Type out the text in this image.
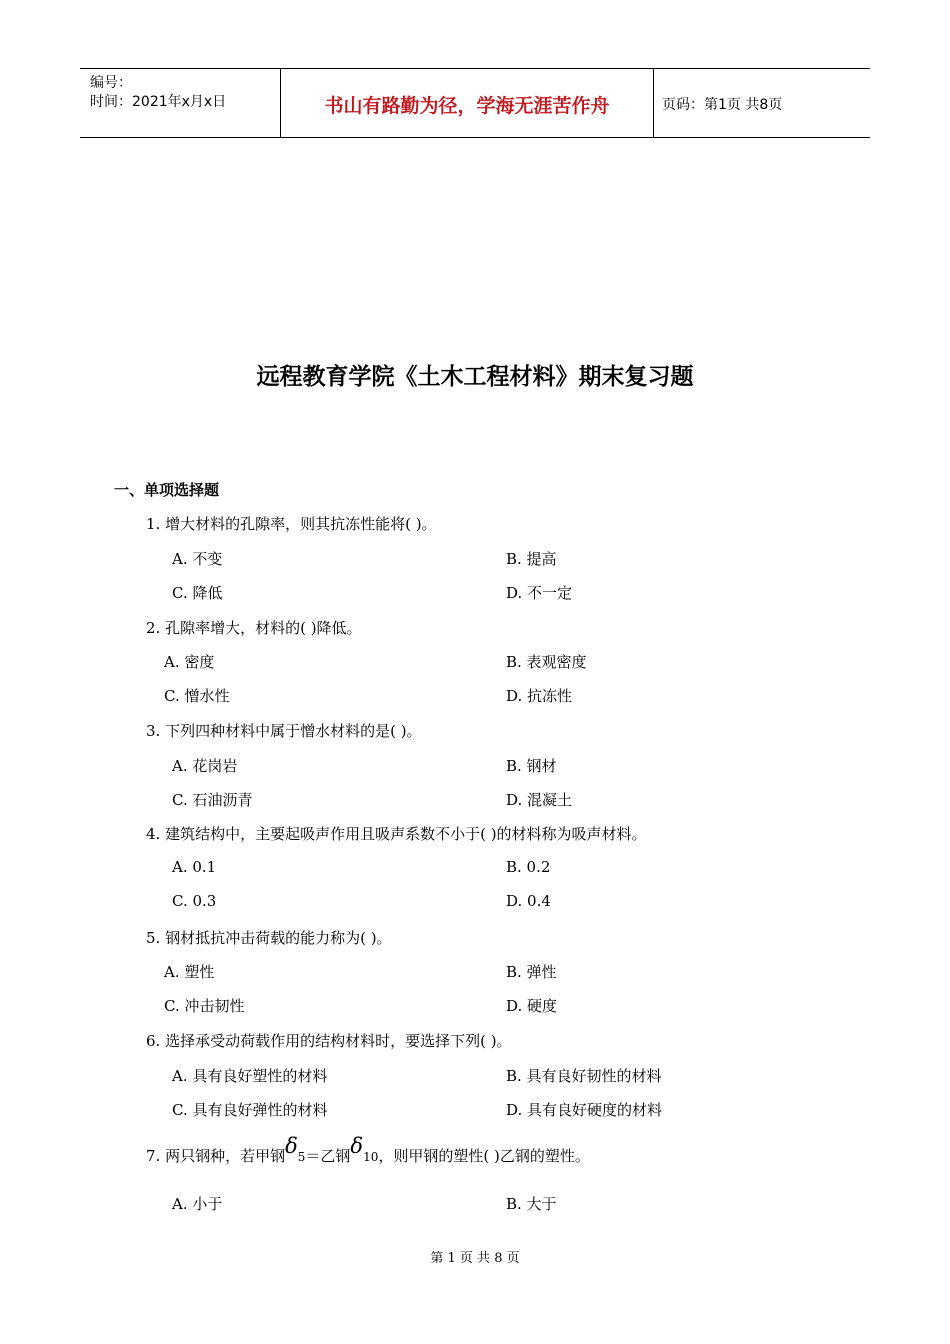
编号：
时间：2021年x月x日	书山有路勤为径，学海无涯苦作舟	页码：第1页 共8页
远程教育学院《土木工程材料》期末复习题
一、单项选择题
1. 增大材料的孔隙率，则其抗冻性能将( )。
A. 不变	B. 提高
C. 降低	D. 不一定
2. 孔隙率增大，材料的( )降低。
A. 密度	B. 表观密度
C. 憎水性	D. 抗冻性
3. 下列四种材料中属于憎水材料的是( )。
A. 花岗岩	B. 钢材
C. 石油沥青	D. 混凝土
4. 建筑结构中，主要起吸声作用且吸声系数不小于( )的材料称为吸声材料。
A. 0.1	B. 0.2
C. 0.3	D. 0.4
5. 钢材抵抗冲击荷载的能力称为( )。
A. 塑性	B. 弹性
C. 冲击韧性	D. 硬度
6. 选择承受动荷载作用的结构材料时，要选择下列( )。
A. 具有良好塑性的材料	B. 具有良好韧性的材料
C. 具有良好弹性的材料	D. 具有良好硬度的材料
7. 两只钢种，若甲钢δ5＝乙钢δ10，则甲钢的塑性( )乙钢的塑性。
A. 小于	B. 大于
第 1 页 共 8 页
